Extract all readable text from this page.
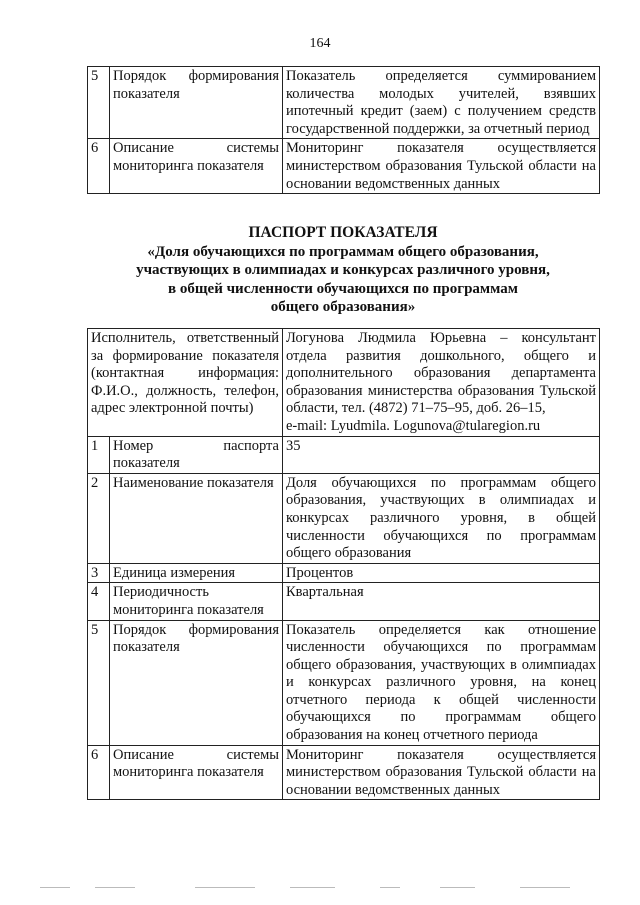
164
5	Порядок формирования показателя	Показатель определяется суммированием количества молодых учителей, взявших ипотечный кредит (заем) с получением средств государственной поддержки, за отчетный период
6	Описание системы мониторинга показателя	Мониторинг показателя осуществляется министерством образования Тульской области на основании ведомственных данных
ПАСПОРТ ПОКАЗАТЕЛЯ
«Доля обучающихся по программам общего образования,
участвующих в олимпиадах и конкурсах различного уровня,
в общей численности обучающихся по программам
общего образования»
Исполнитель, ответственный за формирование показателя (контактная информация: Ф.И.О., должность, телефон, адрес электронной почты)		Логунова Людмила Юрьевна – консультант отдела развития дошкольного, общего и дополнительного образования департамента образования министерства образования Тульской области, тел. (4872) 71–75–95, доб. 26–15,
e-mail: Lyudmila. Logunova@tularegion.ru

1	Номер паспорта показателя	35
2	Наименование показателя	Доля обучающихся по программам общего образования, участвующих в олимпиадах и конкурсах различного уровня, в общей численности обучающихся по программам общего образования
3	Единица измерения	Процентов
4	Периодичность мониторинга показателя	Квартальная
5	Порядок формирования показателя	Показатель определяется как отношение численности обучающихся по программам общего образования, участвующих в олимпиадах и конкурсах различного уровня, на конец отчетного периода к общей численности обучающихся по программам общего образования на конец отчетного периода
6	Описание системы мониторинга показателя	Мониторинг показателя осуществляется министерством образования Тульской области на основании ведомственных данных
